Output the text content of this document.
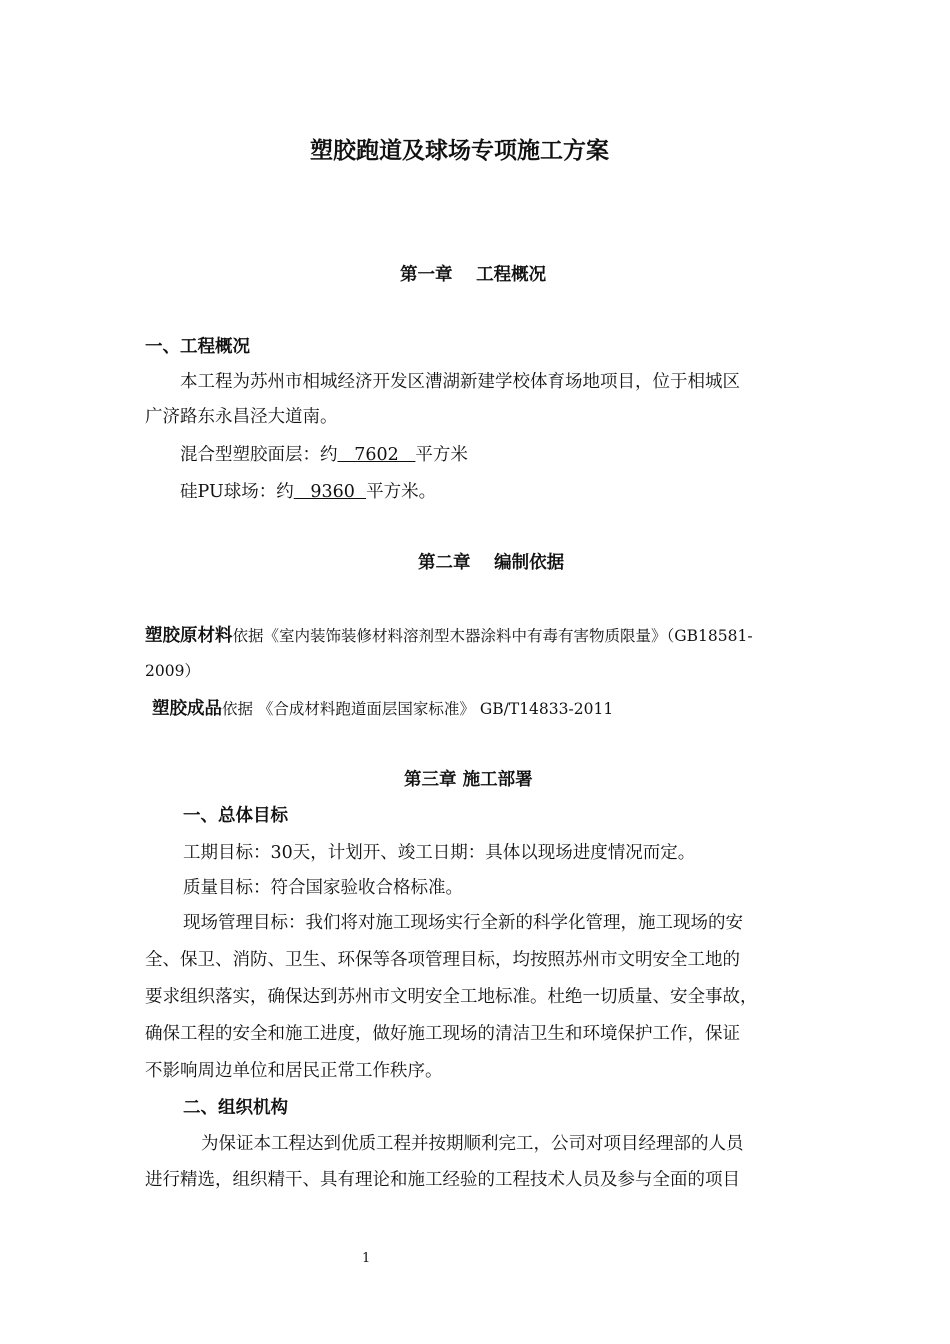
塑胶跑道及球场专项施工方案
第一章　 工程概况
一、工程概况
本工程为苏州市相城经济开发区漕湖新建学校体育场地项目，位于相城区
广济路东永昌泾大道南。
混合型塑胶面层：约   7602   平方米
硅PU球场：约   9360  平方米。
第二章　 编制依据
塑胶原材料依据《室内装饰装修材料溶剂型木器涂料中有毒有害物质限量》（GB18581-
2009）
塑胶成品依据 《合成材料跑道面层国家标准》 GB/T14833-2011
第三章 施工部署
一、总体目标
工期目标：30天，计划开、竣工日期：具体以现场进度情况而定。
质量目标：符合国家验收合格标准。
现场管理目标：我们将对施工现场实行全新的科学化管理，施工现场的安
全、保卫、消防、卫生、环保等各项管理目标，均按照苏州市文明安全工地的
要求组织落实，确保达到苏州市文明安全工地标准。杜绝一切质量、安全事故，
确保工程的安全和施工进度，做好施工现场的清洁卫生和环境保护工作，保证
不影响周边单位和居民正常工作秩序。
二、组织机构
为保证本工程达到优质工程并按期顺利完工，公司对项目经理部的人员
进行精选，组织精干、具有理论和施工经验的工程技术人员及参与全面的项目
1
